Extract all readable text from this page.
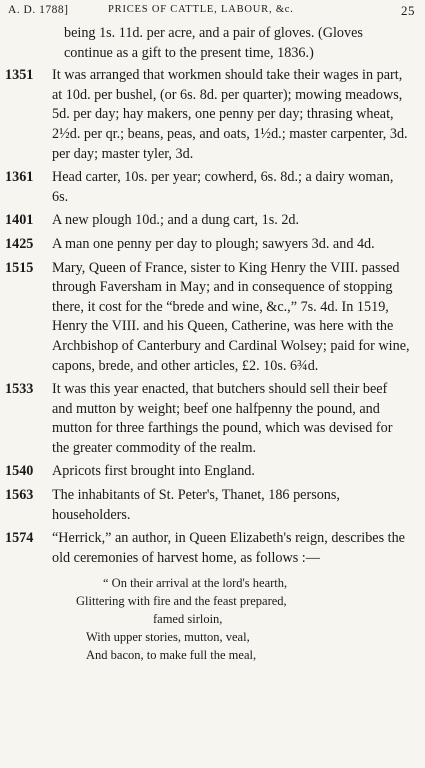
A. D. 1788]	PRICES OF CATTLE, LABOUR, &c.	25
being 1s. 11d. per acre, and a pair of gloves. (Gloves continue as a gift to the present time, 1836.)
1351 It was arranged that workmen should take their wages in part, at 10d. per bushel, (or 6s. 8d. per quarter); mowing meadows, 5d. per day; hay makers, one penny per day; thrasing wheat, 2½d. per qr.; beans, peas, and oats, 1½d.; master carpenter, 3d. per day; master tyler, 3d.
1361 Head carter, 10s. per year; cowherd, 6s. 8d.; a dairy woman, 6s.
1401 A new plough 10d.; and a dung cart, 1s. 2d.
1425 A man one penny per day to plough; sawyers 3d. and 4d.
1515 Mary, Queen of France, sister to King Henry the VIII. passed through Faversham in May; and in consequence of stopping there, it cost for the “brede and wine, &c.,” 7s. 4d. In 1519, Henry the VIII. and his Queen, Catherine, was here with the Archbishop of Canterbury and Cardinal Wolsey; paid for wine, capons, brede, and other articles, £2. 10s. 6¾d.
1533 It was this year enacted, that butchers should sell their beef and mutton by weight; beef one halfpenny the pound, and mutton for three farthings the pound, which was devised for the greater commodity of the realm.
1540 Apricots first brought into England.
1563 The inhabitants of St. Peter's, Thanet, 186 persons, householders.
1574 “Herrick,” an author, in Queen Elizabeth's reign, describes the old ceremonies of harvest home, as follows :—
“ On their arrival at the lord's hearth,
Glittering with fire and the feast prepared,
famed sirloin,
With upper stories, mutton, veal,
And bacon, to make full the meal,
